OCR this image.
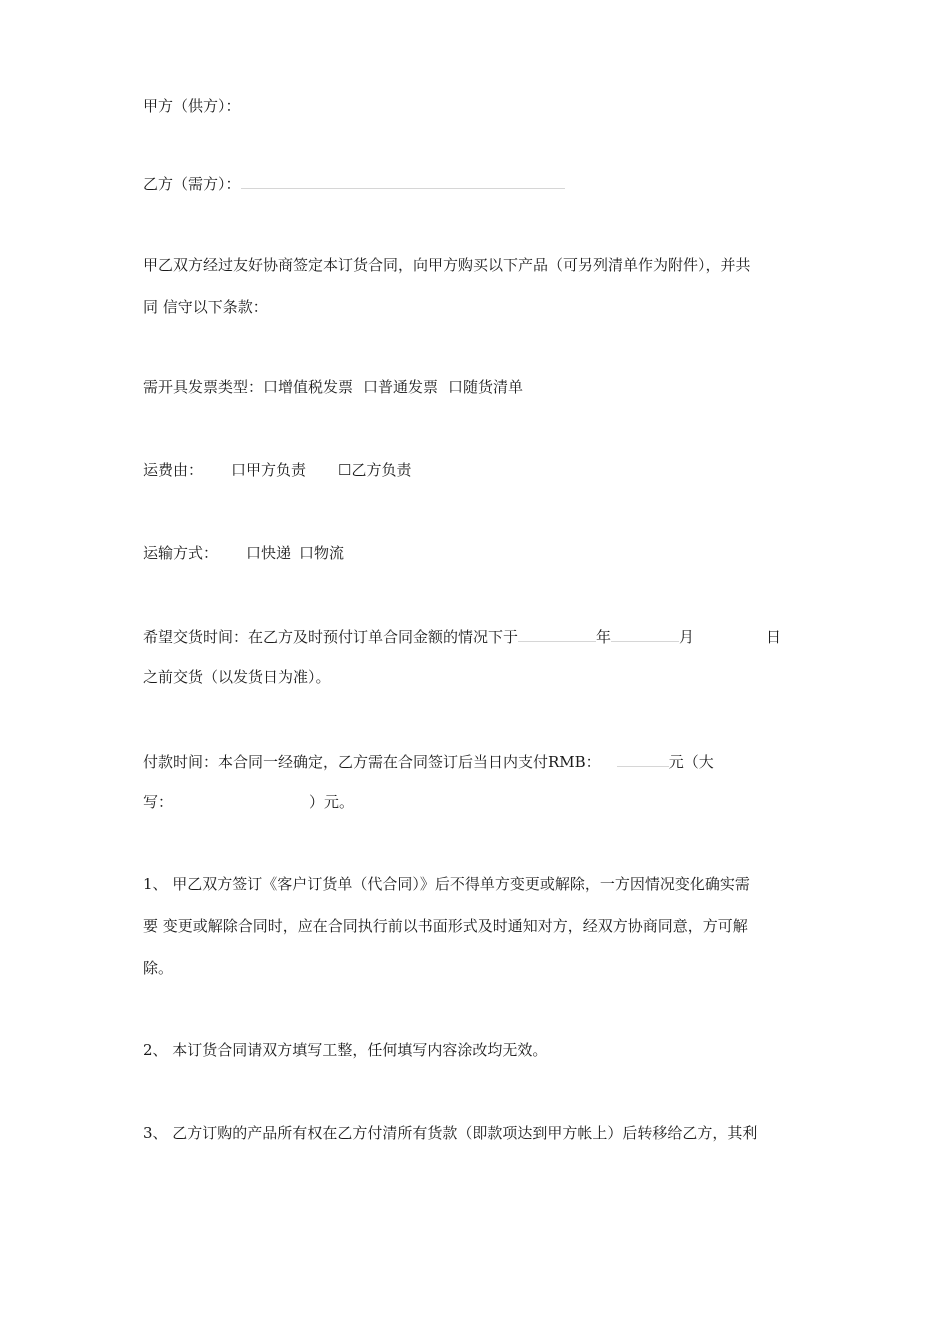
甲方（供方）：
乙方（需方）：
甲乙双方经过友好协商签定本订货合同，向甲方购买以下产品（可另列清单作为附件），并共
同 信守以下条款：
需开具发票类型：口增值税发票 口普通发票 口随货清单
运费由： 口甲方负责 ☐乙方负责
运输方式： 口快递 口物流
希望交货时间：在乙方及时预付订单合同金额的情况下于	年	月	日
之前交货（以发货日为准）。
付款时间：本合同一经确定，乙方需在合同签订后当日内支付RMB：	元（大
写：	）元。
1、 甲乙双方签订《客户订货单（代合同）》后不得单方变更或解除，一方因情况变化确实需
要 变更或解除合同时，应在合同执行前以书面形式及时通知对方，经双方协商同意，方可解
除。
2、 本订货合同请双方填写工整，任何填写内容涂改均无效。
3、 乙方订购的产品所有权在乙方付清所有货款（即款项达到甲方帐上）后转移给乙方，其利
